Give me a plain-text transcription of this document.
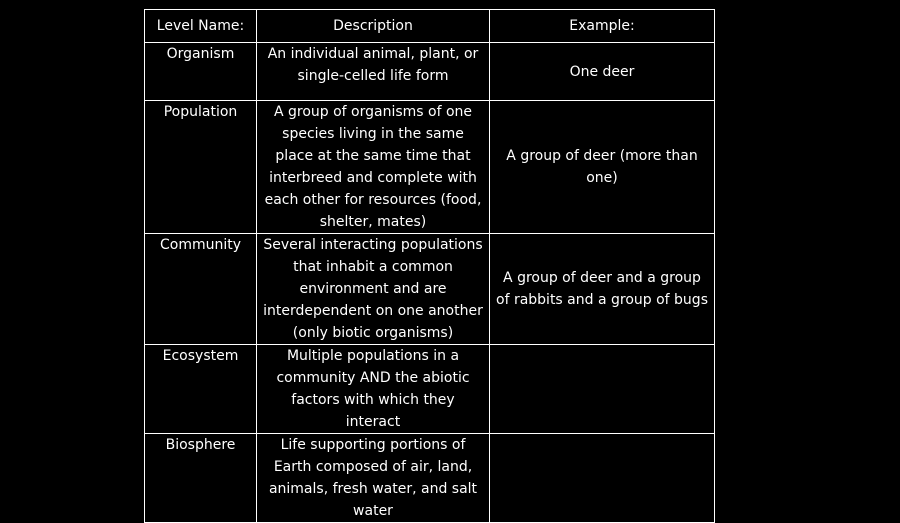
Level Name:	Description	Example:
Organism	An individual animal, plant, or single-celled life form	One deer
Population	A group of organisms of one species living in the same place at the same time that interbreed and complete with each other for resources (food, shelter, mates)	A group of deer (more than one)
Community	Several interacting populations that inhabit a common environment and are interdependent on one another (only biotic organisms)	A group of deer and a group of rabbits and a group of bugs
Ecosystem	Multiple populations in a community AND the abiotic factors with which they interact	
Biosphere	Life supporting portions of Earth composed of air, land, animals, fresh water, and salt water	
